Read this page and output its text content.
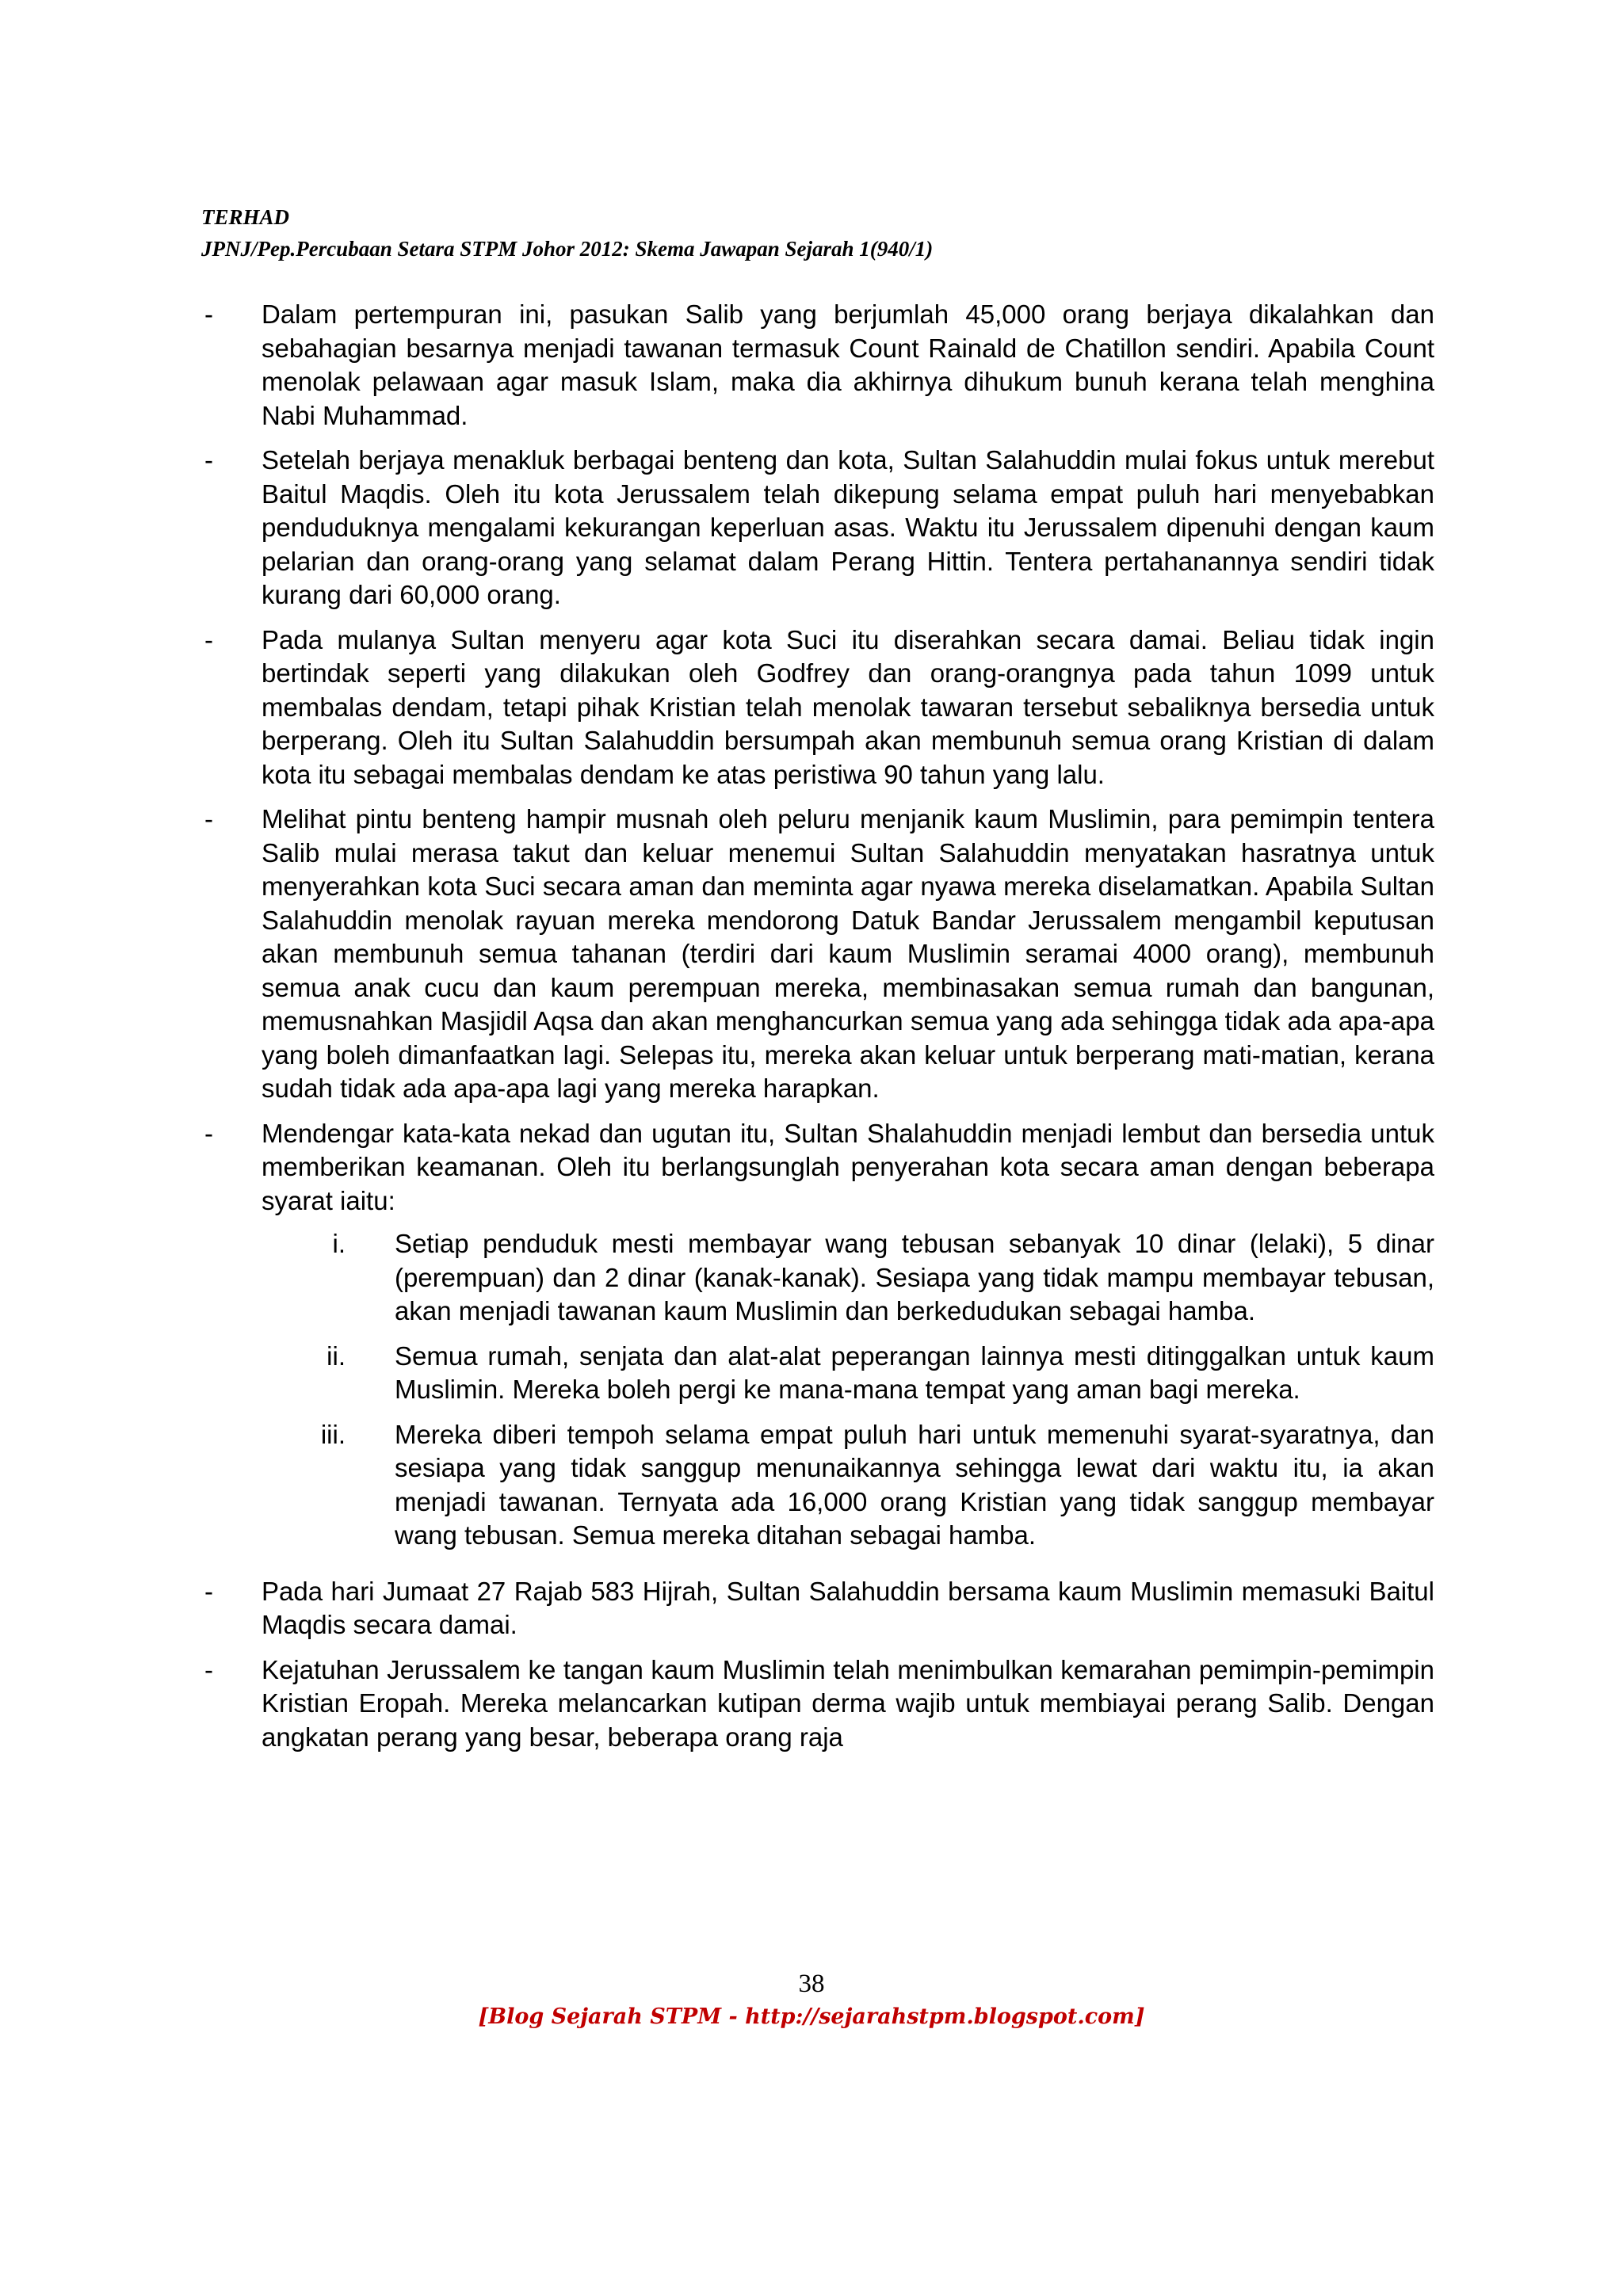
TERHAD
JPNJ/Pep.Percubaan Setara STPM Johor 2012: Skema Jawapan Sejarah 1(940/1)
-	Dalam pertempuran ini, pasukan Salib yang berjumlah 45,000 orang berjaya dikalahkan dan sebahagian besarnya menjadi tawanan termasuk Count Rainald de Chatillon sendiri. Apabila Count menolak pelawaan agar masuk Islam, maka dia akhirnya dihukum bunuh kerana telah menghina Nabi Muhammad.
-	Setelah berjaya menakluk berbagai benteng dan kota, Sultan Salahuddin mulai fokus untuk merebut Baitul Maqdis. Oleh itu kota Jerussalem telah dikepung selama empat puluh hari menyebabkan penduduknya mengalami kekurangan keperluan asas. Waktu itu Jerussalem dipenuhi dengan kaum pelarian dan orang-orang yang selamat dalam Perang Hittin. Tentera pertahanannya sendiri tidak kurang dari 60,000 orang.
-	Pada mulanya Sultan menyeru agar kota Suci itu diserahkan secara damai. Beliau tidak ingin bertindak seperti yang dilakukan oleh Godfrey dan orang-orangnya pada tahun 1099 untuk membalas dendam, tetapi pihak Kristian telah menolak tawaran tersebut sebaliknya bersedia untuk berperang. Oleh itu Sultan Salahuddin bersumpah akan membunuh semua orang Kristian di dalam kota itu sebagai membalas dendam ke atas peristiwa 90 tahun yang lalu.
-	Melihat pintu benteng hampir musnah oleh peluru menjanik kaum Muslimin, para pemimpin tentera Salib mulai merasa takut dan keluar menemui Sultan Salahuddin menyatakan hasratnya untuk menyerahkan kota Suci secara aman dan meminta agar nyawa mereka diselamatkan. Apabila Sultan Salahuddin menolak rayuan mereka mendorong Datuk Bandar Jerussalem mengambil keputusan akan membunuh semua tahanan (terdiri dari kaum Muslimin seramai 4000 orang), membunuh semua anak cucu dan kaum perempuan mereka, membinasakan semua rumah dan bangunan, memusnahkan Masjidil Aqsa dan akan menghancurkan semua yang ada sehingga tidak ada apa-apa yang boleh dimanfaatkan lagi. Selepas itu, mereka akan keluar untuk berperang mati-matian, kerana sudah tidak ada apa-apa lagi yang mereka harapkan.
-	Mendengar kata-kata nekad dan ugutan itu, Sultan Shalahuddin menjadi lembut dan bersedia untuk memberikan keamanan. Oleh itu berlangsunglah penyerahan kota secara aman dengan beberapa syarat iaitu:
i.	Setiap penduduk mesti membayar wang tebusan sebanyak 10 dinar (lelaki), 5 dinar (perempuan) dan 2 dinar (kanak-kanak). Sesiapa yang tidak mampu membayar tebusan, akan menjadi tawanan kaum Muslimin dan berkedudukan sebagai hamba.
ii.	Semua rumah, senjata dan alat-alat peperangan lainnya mesti ditinggalkan untuk kaum Muslimin. Mereka boleh pergi ke mana-mana tempat yang aman bagi mereka.
iii.	Mereka diberi tempoh selama empat puluh hari untuk memenuhi syarat-syaratnya, dan sesiapa yang tidak sanggup menunaikannya sehingga lewat dari waktu itu, ia akan menjadi tawanan. Ternyata ada 16,000 orang Kristian yang tidak sanggup membayar wang tebusan. Semua mereka ditahan sebagai hamba.
-	Pada hari Jumaat 27 Rajab 583 Hijrah, Sultan Salahuddin bersama kaum Muslimin memasuki Baitul Maqdis secara damai.
-	Kejatuhan Jerussalem ke tangan kaum Muslimin telah menimbulkan kemarahan pemimpin-pemimpin Kristian Eropah. Mereka melancarkan kutipan derma wajib untuk membiayai perang Salib. Dengan angkatan perang yang besar, beberapa orang raja
38
[Blog Sejarah STPM - http://sejarahstpm.blogspot.com]
